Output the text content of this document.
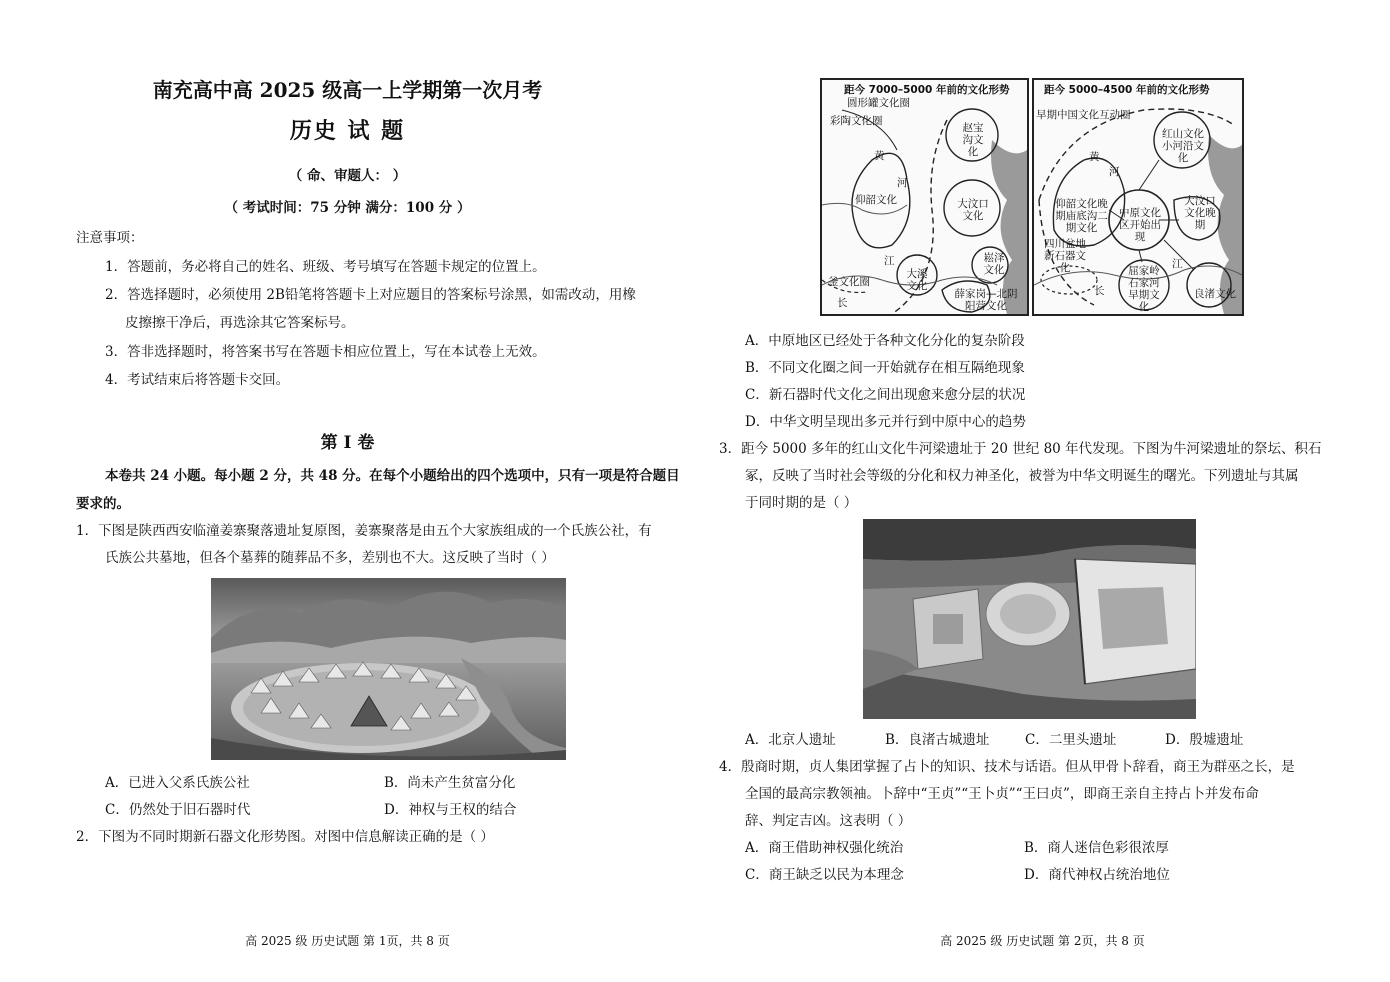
南充高中高 2025 级高一上学期第一次月考
历史 试 题
（ 命、审题人： ）
（ 考试时间：75 分钟 满分：100 分 ）
注意事项：
1．答题前，务必将自己的姓名、班级、考号填写在答题卡规定的位置上。
2．答选择题时，必须使用 2B铅笔将答题卡上对应题目的答案标号涂黑，如需改动，用橡
皮擦擦干净后，再选涂其它答案标号。
3．答非选择题时，将答案书写在答题卡相应位置上，写在本试卷上无效。
4．考试结束后将答题卡交回。
第 Ⅰ 卷
本卷共 24 小题。每小题 2 分，共 48 分。在每个小题给出的四个选项中，只有一项是符合题目
要求的。
1．下图是陕西西安临潼姜寨聚落遗址复原图，姜寨聚落是由五个大家族组成的一个氏族公社，有
氏族公共墓地，但各个墓葬的随葬品不多，差别也不大。这反映了当时（ ）
A．已进入父系氏族公社	B．尚未产生贫富分化
C．仍然处于旧石器时代	D．神权与王权的结合
2．下图为不同时期新石器文化形势图。对图中信息解读正确的是（ ）
高 2025 级 历史试题 第 1页，共 8 页
距今 7000–5000 年前的文化形势
圆形罐文化圈
彩陶文化圈
赵宝沟文化
黄
河
仰韶文化	大汶口文化
江
釜文化圈
大溪文化
崧泽文化
薛家岗—北阴阳营文化
长
距今 5000–4500 年前的文化形势
早期中国文化互动圈
红山文化小河沿文化
黄
河
仰韶文化晚期庙底沟二期文化
中原文化区开始出现
大汶口文化晚期
四川盆地新石器文化	屈家岭石家河早期文化
江
良渚文化
长
A．中原地区已经处于各种文化分化的复杂阶段
B．不同文化圈之间一开始就存在相互隔绝现象
C．新石器时代文化之间出现愈来愈分层的状况
D．中华文明呈现出多元并行到中原中心的趋势
3．距今 5000 多年的红山文化牛河梁遗址于 20 世纪 80 年代发现。下图为牛河梁遗址的祭坛、积石
冢，反映了当时社会等级的分化和权力神圣化，被誉为中华文明诞生的曙光。下列遗址与其属
于同时期的是（ ）
A．北京人遗址	B．良渚古城遗址	C．二里头遗址	D．殷墟遗址
4．殷商时期，贞人集团掌握了占卜的知识、技术与话语。但从甲骨卜辞看，商王为群巫之长，是
全国的最高宗教领袖。卜辞中“王贞”“王卜贞”“王曰贞”，即商王亲自主持占卜并发布命
辞、判定吉凶。这表明（ ）
A．商王借助神权强化统治	B．商人迷信色彩很浓厚
C．商王缺乏以民为本理念	D．商代神权占统治地位
高 2025 级 历史试题 第 2页，共 8 页
